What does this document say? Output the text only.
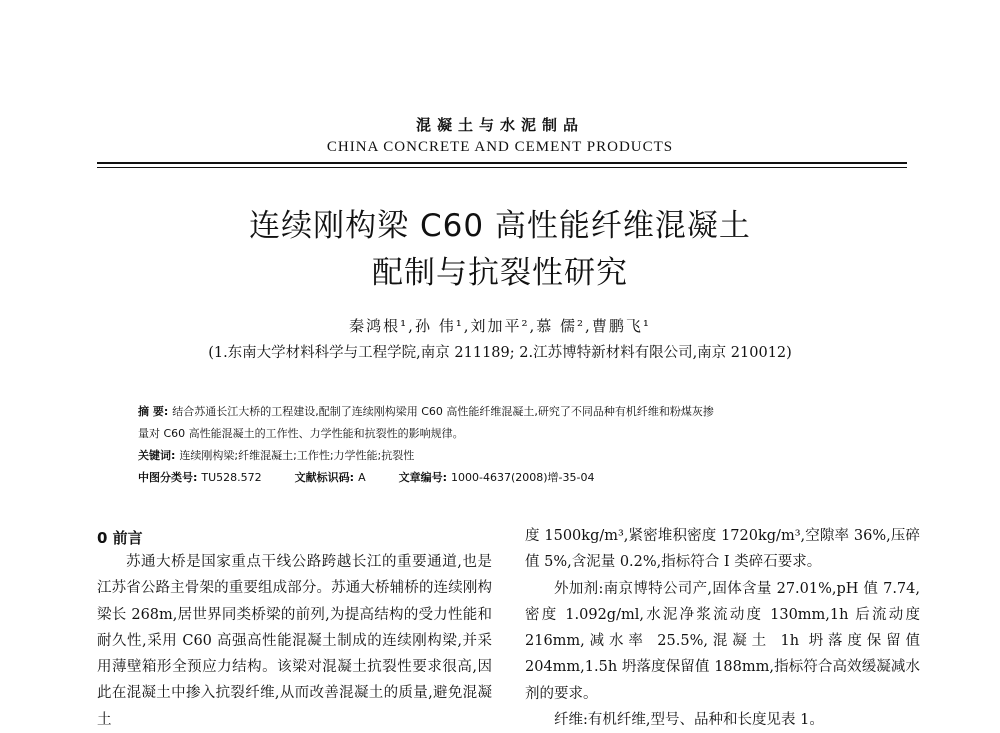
混凝土与水泥制品
CHINA CONCRETE AND CEMENT PRODUCTS
连续刚构梁 C60 高性能纤维混凝土
配制与抗裂性研究
秦鸿根¹,孙 伟¹,刘加平²,慕 儒²,曹鹏飞¹
(1.东南大学材料科学与工程学院,南京 211189; 2.江苏博特新材料有限公司,南京 210012)
摘 要: 结合苏通长江大桥的工程建设,配制了连续刚构梁用 C60 高性能纤维混凝土,研究了不同品种有机纤维和粉煤灰掺
量对 C60 高性能混凝土的工作性、力学性能和抗裂性的影响规律。
关键词: 连续刚构梁;纤维混凝土;工作性;力学性能;抗裂性
中图分类号: TU528.572	文献标识码: A	文章编号: 1000-4637(2008)增-35-04
0 前言

苏通大桥是国家重点干线公路跨越长江的重要通道,也是江苏省公路主骨架的重要组成部分。苏通大桥辅桥的连续刚构梁长 268m,居世界同类桥梁的前列,为提高结构的受力性能和耐久性,采用 C60 高强高性能混凝土制成的连续刚构梁,并采用薄壁箱形全预应力结构。该梁对混凝土抗裂性要求很高,因此在混凝土中掺入抗裂纤维,从而改善混凝土的质量,避免混凝土

度 1500kg/m³,紧密堆积密度 1720kg/m³,空隙率 36%,压碎值 5%,含泥量 0.2%,指标符合 Ⅰ 类碎石要求。

外加剂:南京博特公司产,固体含量 27.01%,pH 值 7.74,密度 1.092g/ml,水泥净浆流动度 130mm,1h 后流动度 216mm,减水率 25.5%,混凝土 1h 坍落度保留值 204mm,1.5h 坍落度保留值 188mm,指标符合高效缓凝减水剂的要求。

纤维:有机纤维,型号、品种和长度见表 1。
